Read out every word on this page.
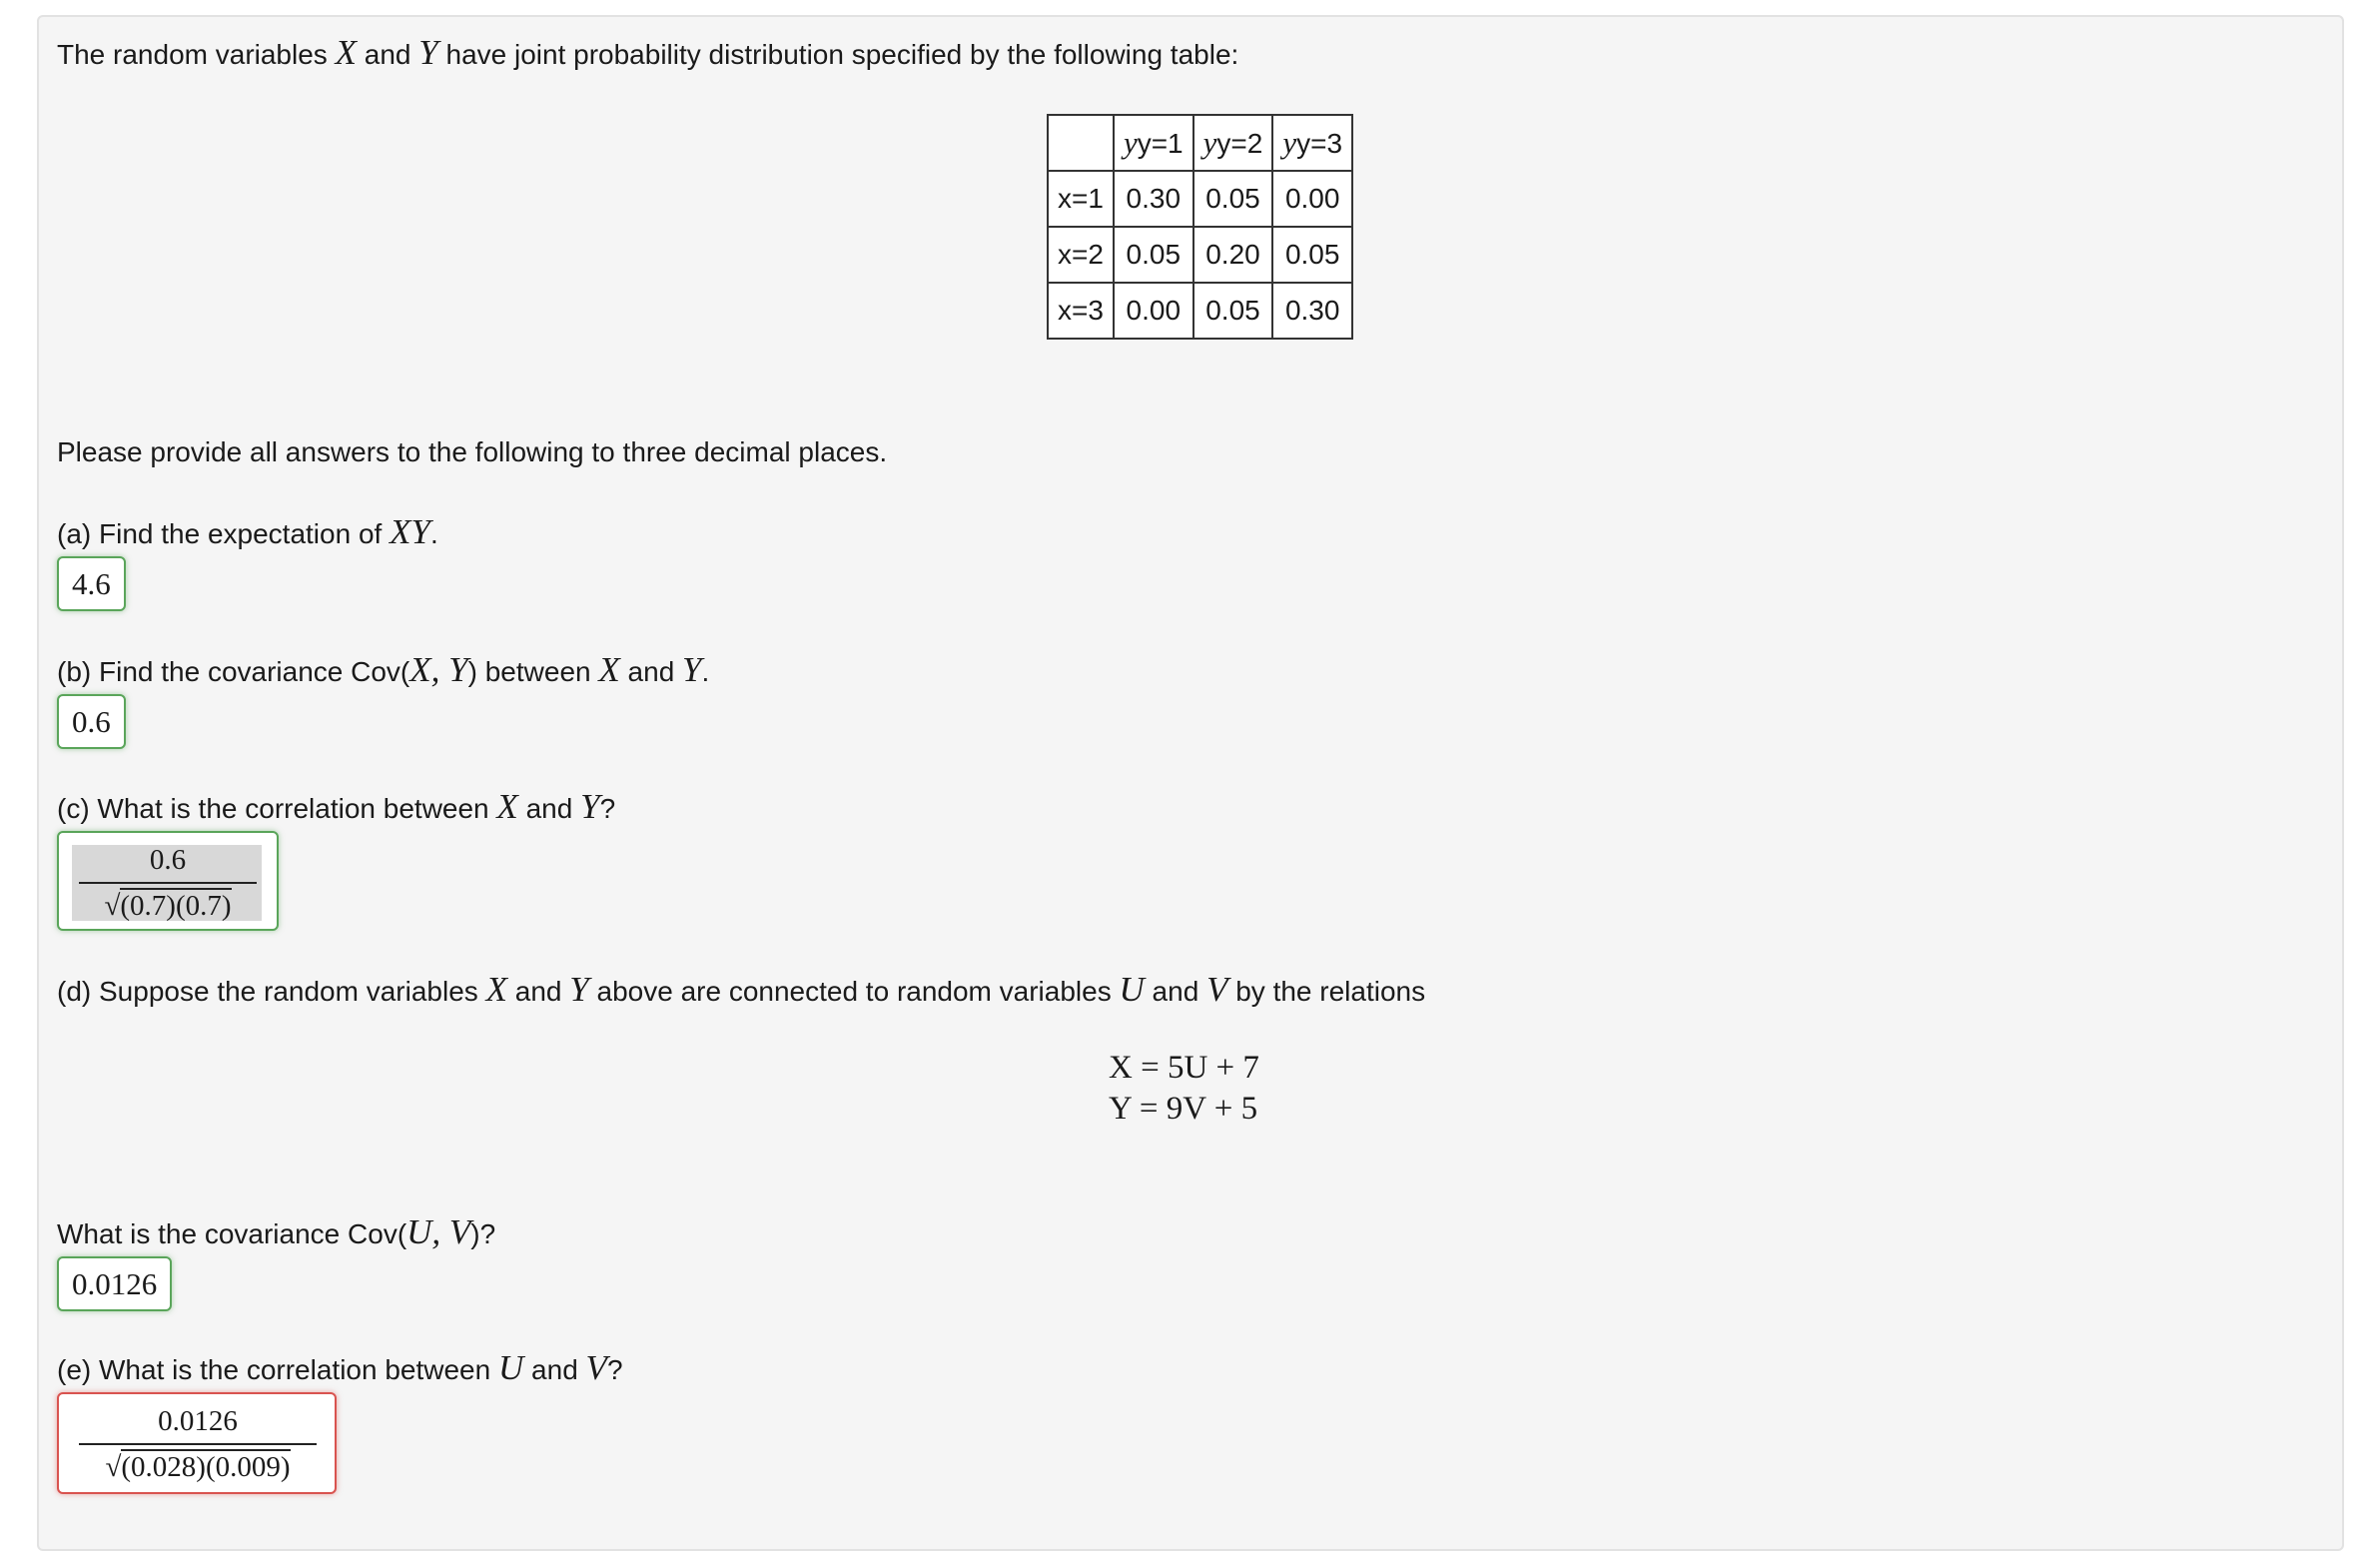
The random variables X and Y have joint probability distribution specified by the following table:
	yy=1	yy=2	yy=3
x=1	0.30	0.05	0.00
x=2	0.05	0.20	0.05
x=3	0.00	0.05	0.30
Please provide all answers to the following to three decimal places.
(a) Find the expectation of XY.
4.6
(b) Find the covariance Cov(X, Y) between X and Y.
0.6
(c) What is the correlation between X and Y?
0.6
√(0.7)(0.7)
(d) Suppose the random variables X and Y above are connected to random variables U and V by the relations
X = 5U + 7
Y = 9V + 5
What is the covariance Cov(U, V)?
0.0126
(e) What is the correlation between U and V?
0.0126
√(0.028)(0.009)
